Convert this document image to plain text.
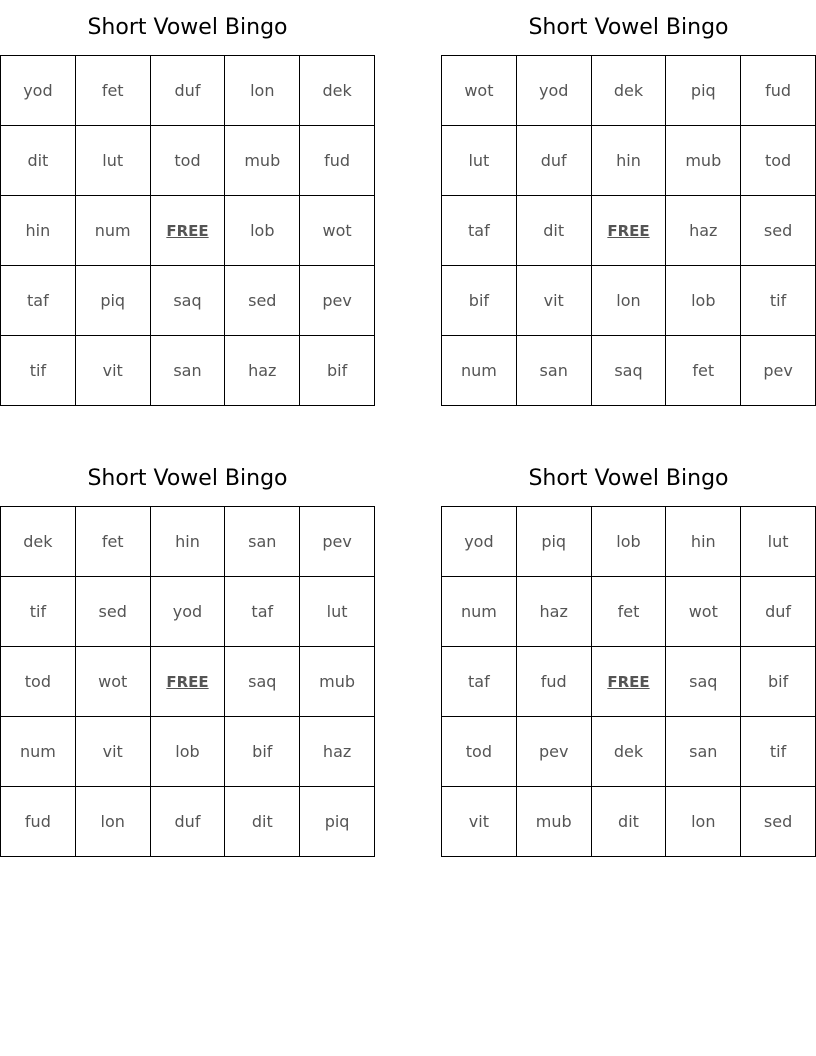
Short Vowel Bingo
yod	fet	duf	lon	dek
dit	lut	tod	mub	fud
hin	num	FREE	lob	wot
taf	piq	saq	sed	pev
tif	vit	san	haz	bif
Short Vowel Bingo
wot	yod	dek	piq	fud
lut	duf	hin	mub	tod
taf	dit	FREE	haz	sed
bif	vit	lon	lob	tif
num	san	saq	fet	pev
Short Vowel Bingo
dek	fet	hin	san	pev
tif	sed	yod	taf	lut
tod	wot	FREE	saq	mub
num	vit	lob	bif	haz
fud	lon	duf	dit	piq
Short Vowel Bingo
yod	piq	lob	hin	lut
num	haz	fet	wot	duf
taf	fud	FREE	saq	bif
tod	pev	dek	san	tif
vit	mub	dit	lon	sed
